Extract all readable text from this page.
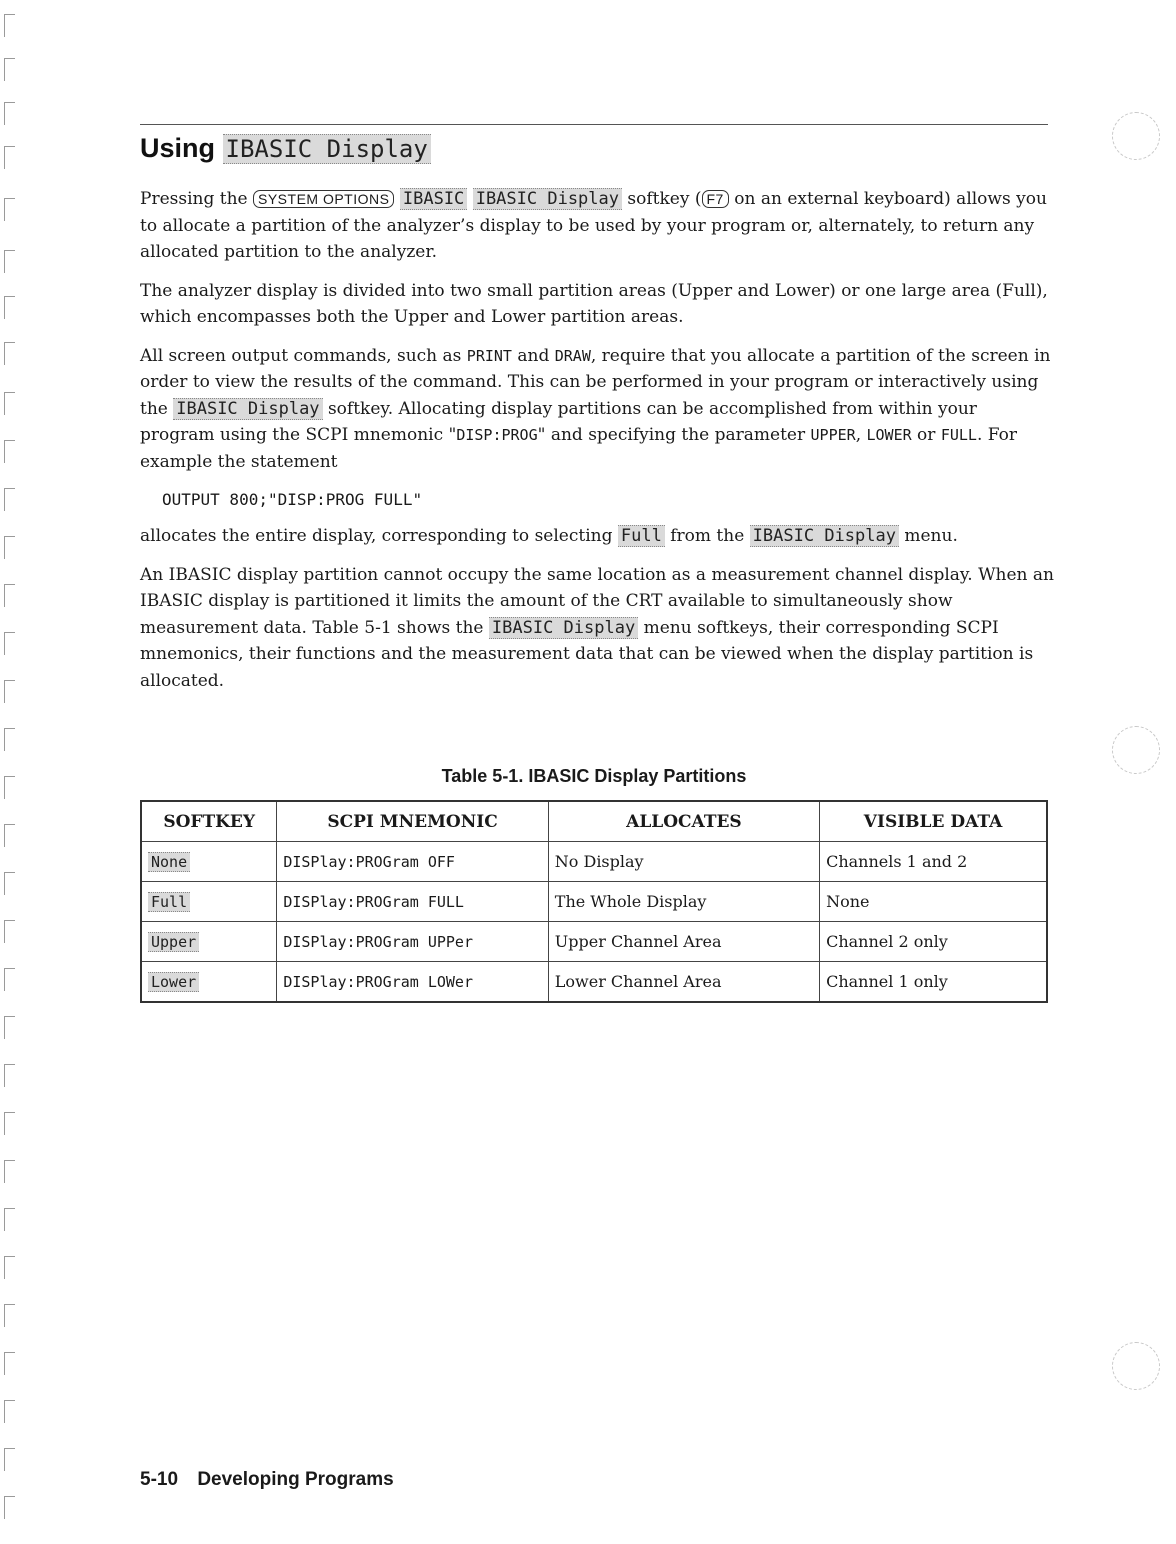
Using IBASIC Display

Pressing the SYSTEM OPTIONS IBASIC IBASIC Display softkey ( F7 on an external keyboard) allows you to allocate a partition of the analyzer’s display to be used by your program or, alternately, to return any allocated partition to the analyzer.

The analyzer display is divided into two small partition areas (Upper and Lower) or one large area (Full), which encompasses both the Upper and Lower partition areas.

All screen output commands, such as PRINT and DRAW, require that you allocate a partition of the screen in order to view the results of the command. This can be performed in your program or interactively using the IBASIC Display softkey. Allocating display partitions can be accomplished from within your program using the SCPI mnemonic "DISP:PROG" and specifying the parameter UPPER, LOWER or FULL. For example the statement

OUTPUT 800;"DISP:PROG FULL"

allocates the entire display, corresponding to selecting Full from the IBASIC Display menu.

An IBASIC display partition cannot occupy the same location as a measurement channel display. When an IBASIC display is partitioned it limits the amount of the CRT available to simultaneously show measurement data. Table 5-1 shows the IBASIC Display menu softkeys, their corresponding SCPI mnemonics, their functions and the measurement data that can be viewed when the display partition is allocated.

Table 5-1. IBASIC Display Partitions
SOFTKEY	SCPI MNEMONIC	ALLOCATES	VISIBLE DATA
None	DISPlay:PROGram OFF	No Display	Channels 1 and 2
Full	DISPlay:PROGram FULL	The Whole Display	None
Upper	DISPlay:PROGram UPPer	Upper Channel Area	Channel 2 only
Lower	DISPlay:PROGram LOWer	Lower Channel Area	Channel 1 only
5-10 Developing Programs
